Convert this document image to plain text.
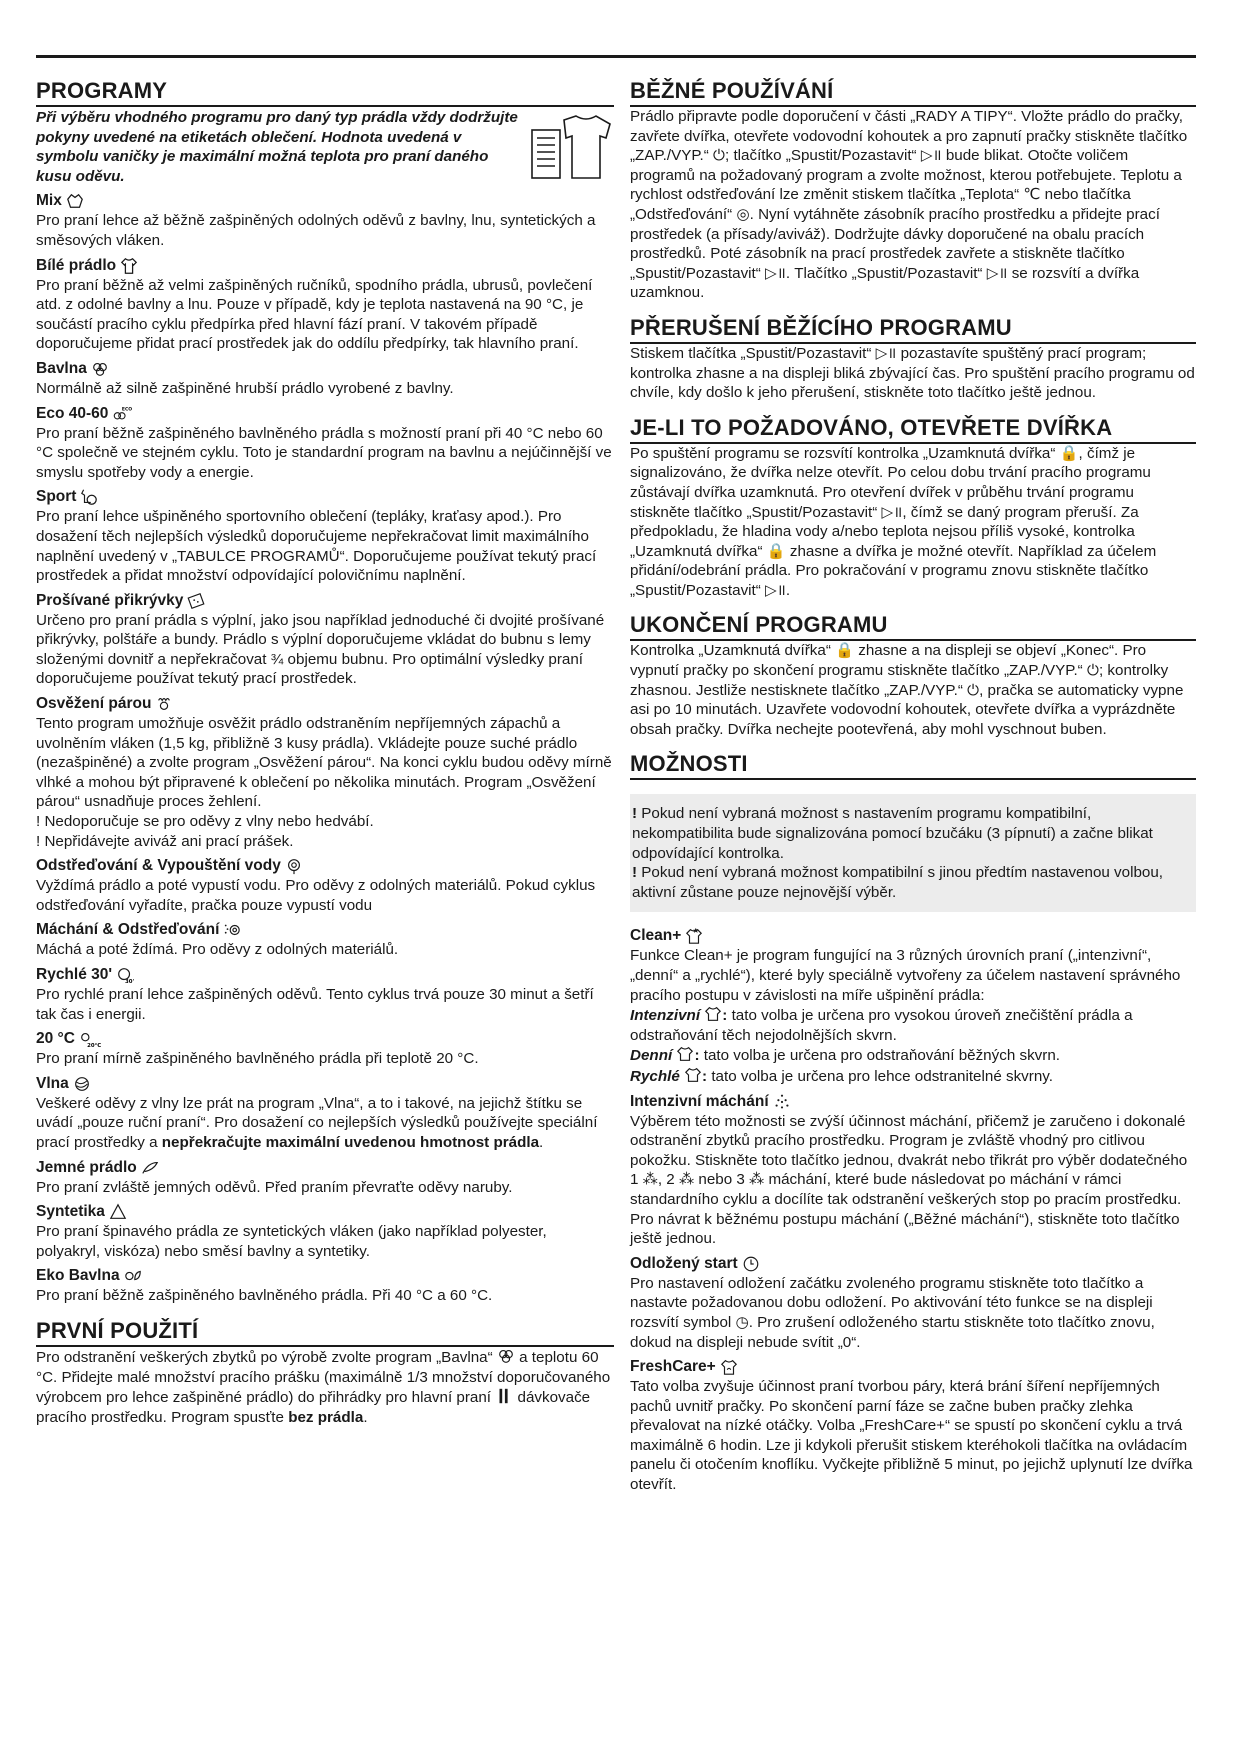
PROGRAMY

Při výběru vhodného programu pro daný typ prádla vždy dodržujte pokyny uvedené na etiketách oblečení. Hodnota uvedená v symbolu vaničky je maximální možná teplota pro praní daného kusu oděvu.

Mix

Pro praní lehce až běžně zašpiněných odolných oděvů z bavlny, lnu, syntetických a směsových vláken.

Bílé prádlo

Pro praní běžně až velmi zašpiněných ručníků, spodního prádla, ubrusů, povlečení atd. z odolné bavlny a lnu. Pouze v případě, kdy je teplota nastavená na 90 °C, je součástí pracího cyklu předpírka před hlavní fází praní. V takovém případě doporučujeme přidat prací prostředek jak do oddílu předpírky, tak hlavního praní.

Bavlna

Normálně až silně zašpiněné hrubší prádlo vyrobené z bavlny.

Eco 40-60	ECO

Pro praní běžně zašpiněného bavlněného prádla s možností praní při 40 °C nebo 60 °C společně ve stejném cyklu. Toto je standardní program na bavlnu a nejúčinnější ve smyslu spotřeby vody a energie.

Sport

Pro praní lehce ušpiněného sportovního oblečení (tepláky, kraťasy apod.). Pro dosažení těch nejlepších výsledků doporučujeme nepřekračovat limit maximálního naplnění uvedený v „TABULCE PROGRAMŮ“. Doporučujeme používat tekutý prací prostředek a přidat množství odpovídající polovičnímu naplnění.

Prošívané přikrývky

Určeno pro praní prádla s výplní, jako jsou například jednoduché či dvojité prošívané přikrývky, polštáře a bundy. Prádlo s výplní doporučujeme vkládat do bubnu s lemy složenými dovnitř a nepřekračovat ¾ objemu bubnu. Pro optimální výsledky praní doporučujeme používat tekutý prací prostředek.

Osvěžení párou

Tento program umožňuje osvěžit prádlo odstraněním nepříjemných zápachů a uvolněním vláken (1,5 kg, přibližně 3 kusy prádla). Vkládejte pouze suché prádlo (nezašpiněné) a zvolte program „Osvěžení párou“. Na konci cyklu budou oděvy mírně vlhké a mohou být připravené k oblečení po několika minutách. Program „Osvěžení párou“ usnadňuje proces žehlení.

! Nedoporučuje se pro oděvy z vlny nebo hedvábí.

! Nepřidávejte aviváž ani prací prášek.

Odstřeďování & Vypouštění vody

Vyždímá prádlo a poté vypustí vodu. Pro oděvy z odolných materiálů. Pokud cyklus odstřeďování vyřadíte, pračka pouze vypustí vodu

Máchání & Odstřeďování

Máchá a poté ždímá. Pro oděvy z odolných materiálů.

Rychlé 30' 30'

Pro rychlé praní lehce zašpiněných oděvů. Tento cyklus trvá pouze 30 minut a šetří tak čas i energii.

20 °C 20°C

Pro praní mírně zašpiněného bavlněného prádla při teplotě 20 °C.

Vlna

Veškeré oděvy z vlny lze prát na program „Vlna“, a to i takové, na jejichž štítku se uvádí „pouze ruční praní“. Pro dosažení co nejlepších výsledků používejte speciální prací prostředky a nepřekračujte maximální uvedenou hmotnost prádla.

Jemné prádlo

Pro praní zvláště jemných oděvů. Před praním převraťte oděvy naruby.

Syntetika

Pro praní špinavého prádla ze syntetických vláken (jako například polyester, polyakryl, viskóza) nebo směsí bavlny a syntetiky.

Eko Bavlna

Pro praní běžně zašpiněného bavlněného prádla. Při 40 °C a 60 °C.

PRVNÍ POUŽITÍ

Pro odstranění veškerých zbytků po výrobě zvolte program „Bavlna“  a teplotu 60 °C. Přidejte malé množství pracího prášku (maximálně 1/3 množství doporučovaného výrobcem pro lehce zašpiněné prádlo) do přihrádky pro hlavní praní  dávkovače pracího prostředku. Program spusťte bez prádla.

BĚŽNÉ POUŽÍVÁNÍ

Prádlo připravte podle doporučení v části „RADY A TIPY“. Vložte prádlo do pračky, zavřete dvířka, otevřete vodovodní kohoutek a pro zapnutí pračky stiskněte tlačítko „ZAP./VYP.“ ⏻; tlačítko „Spustit/Pozastavit“ ▷॥ bude blikat. Otočte voličem programů na požadovaný program a zvolte možnost, kterou potřebujete. Teplotu a rychlost odstřeďování lze změnit stiskem tlačítka „Teplota“ ℃ nebo tlačítka „Odstřeďování“ ◎. Nyní vytáhněte zásobník pracího prostředku a přidejte prací prostředek (a přísady/aviváž). Dodržujte dávky doporučené na obalu pracích prostředků. Poté zásobník na prací prostředek zavřete a stiskněte tlačítko „Spustit/Pozastavit“ ▷॥. Tlačítko „Spustit/Pozastavit“ ▷॥ se rozsvítí a dvířka uzamknou.

PŘERUŠENÍ BĚŽÍCÍHO PROGRAMU

Stiskem tlačítka „Spustit/Pozastavit“ ▷॥ pozastavíte spuštěný prací program; kontrolka zhasne a na displeji bliká zbývající čas. Pro spuštění pracího programu od chvíle, kdy došlo k jeho přerušení, stiskněte toto tlačítko ještě jednou.

JE-LI TO POŽADOVÁNO, OTEVŘETE DVÍŘKA

Po spuštění programu se rozsvítí kontrolka „Uzamknutá dvířka“ 🔒, čímž je signalizováno, že dvířka nelze otevřít. Po celou dobu trvání pracího programu zůstávají dvířka uzamknutá. Pro otevření dvířek v průběhu trvání programu stiskněte tlačítko „Spustit/Pozastavit“ ▷॥, čímž se daný program přeruší. Za předpokladu, že hladina vody a/nebo teplota nejsou příliš vysoké, kontrolka „Uzamknutá dvířka“ 🔒 zhasne a dvířka je možné otevřít. Například za účelem přidání/odebrání prádla. Pro pokračování v programu znovu stiskněte tlačítko „Spustit/Pozastavit“ ▷॥.

UKONČENÍ PROGRAMU

Kontrolka „Uzamknutá dvířka“ 🔒 zhasne a na displeji se objeví „Konec“. Pro vypnutí pračky po skončení programu stiskněte tlačítko „ZAP./VYP.“ ⏻; kontrolky zhasnou. Jestliže nestisknete tlačítko „ZAP./VYP.“ ⏻, pračka se automaticky vypne asi po 10 minutách. Uzavřete vodovodní kohoutek, otevřete dvířka a vyprázdněte obsah pračky. Dvířka nechejte pootevřená, aby mohl vyschnout buben.

MOŽNOSTI

! Pokud není vybraná možnost s nastavením programu kompatibilní, nekompatibilita bude signalizována pomocí bzučáku (3 pípnutí) a začne blikat odpovídající kontrolka.

! Pokud není vybraná možnost kompatibilní s jinou předtím nastavenou volbou, aktivní zůstane pouze nejnovější výběr.

Clean+

Funkce Clean+ je program fungující na 3 různých úrovních praní („intenzivní“, „denní“ a „rychlé“), které byly speciálně vytvořeny za účelem nastavení správného pracího postupu v závislosti na míře ušpinění prádla:

Intenzivní : tato volba je určena pro vysokou úroveň znečištění prádla a odstraňování těch nejodolnějších skvrn.

Denní : tato volba je určena pro odstraňování běžných skvrn.

Rychlé : tato volba je určena pro lehce odstranitelné skvrny.

Intenzivní máchání

Výběrem této možnosti se zvýší účinnost máchání, přičemž je zaručeno i dokonalé odstranění zbytků pracího prostředku. Program je zvláště vhodný pro citlivou pokožku. Stiskněte toto tlačítko jednou, dvakrát nebo třikrát pro výběr dodatečného 1 ⁂, 2 ⁂ nebo 3 ⁂ máchání, které bude následovat po máchání v rámci standardního cyklu a docílíte tak odstranění veškerých stop po pracím prostředku. Pro návrat k běžnému postupu máchání („Běžné máchání“), stiskněte toto tlačítko ještě jednou.

Odložený start

Pro nastavení odložení začátku zvoleného programu stiskněte toto tlačítko a nastavte požadovanou dobu odložení. Po aktivování této funkce se na displeji rozsvítí symbol ◷. Pro zrušení odloženého startu stiskněte toto tlačítko znovu, dokud na displeji nebude svítit „0“.

FreshCare+

Tato volba zvyšuje účinnost praní tvorbou páry, která brání šíření nepříjemných pachů uvnitř pračky. Po skončení parní fáze se začne buben pračky zlehka převalovat na nízké otáčky. Volba „FreshCare+“ se spustí po skončení cyklu a trvá maximálně 6 hodin. Lze ji kdykoli přerušit stiskem kteréhokoli tlačítka na ovládacím panelu či otočením knoflíku. Vyčkejte přibližně 5 minut, po jejichž uplynutí lze dvířka otevřít.
